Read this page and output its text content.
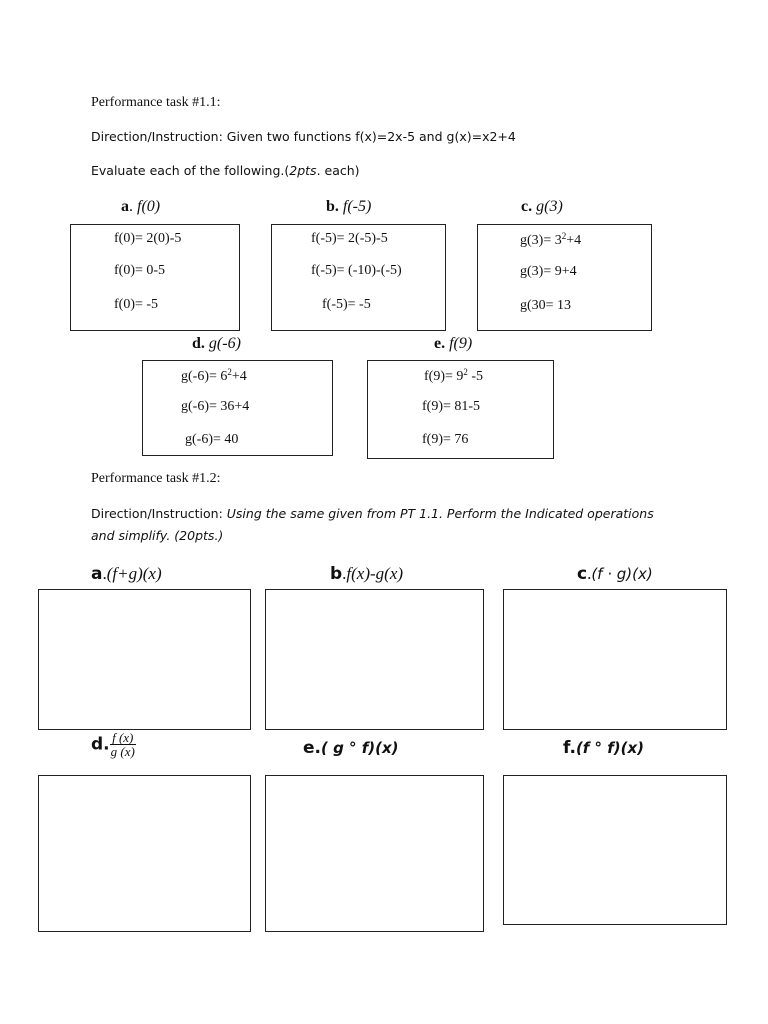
Performance task #1.1:
Direction/Instruction: Given two functions f(x)=2x-5 and g(x)=x2+4
Evaluate each of the following.(2pts. each)
a. f(0)
f(0)= 2(0)-5
f(0)= 0-5
f(0)= -5
b. f(-5)
f(-5)= 2(-5)-5
f(-5)= (-10)-(-5)
f(-5)= -5
c. g(3)
$g(3)= 3^2+4$
g(3)= 9+4
g(30= 13
d. g(-6)
$g(-6)= 6^2+4$
g(-6)= 36+4
g(-6)= 40
e. f(9)
$f(9)= 9^2$ -5
f(9)= 81-5
f(9)= 76
Performance task #1.2:
Direction/Instruction: Using the same given from PT 1.1. Perform the Indicated operations
and simplify. (20pts.)
a.(f+g)(x)	b.f(x)-g(x)	c.(f · g)(x)
d. $\frac{f (x)}{g (x)}$	e.( g ° f)(x)	f.(f ° f)(x)
